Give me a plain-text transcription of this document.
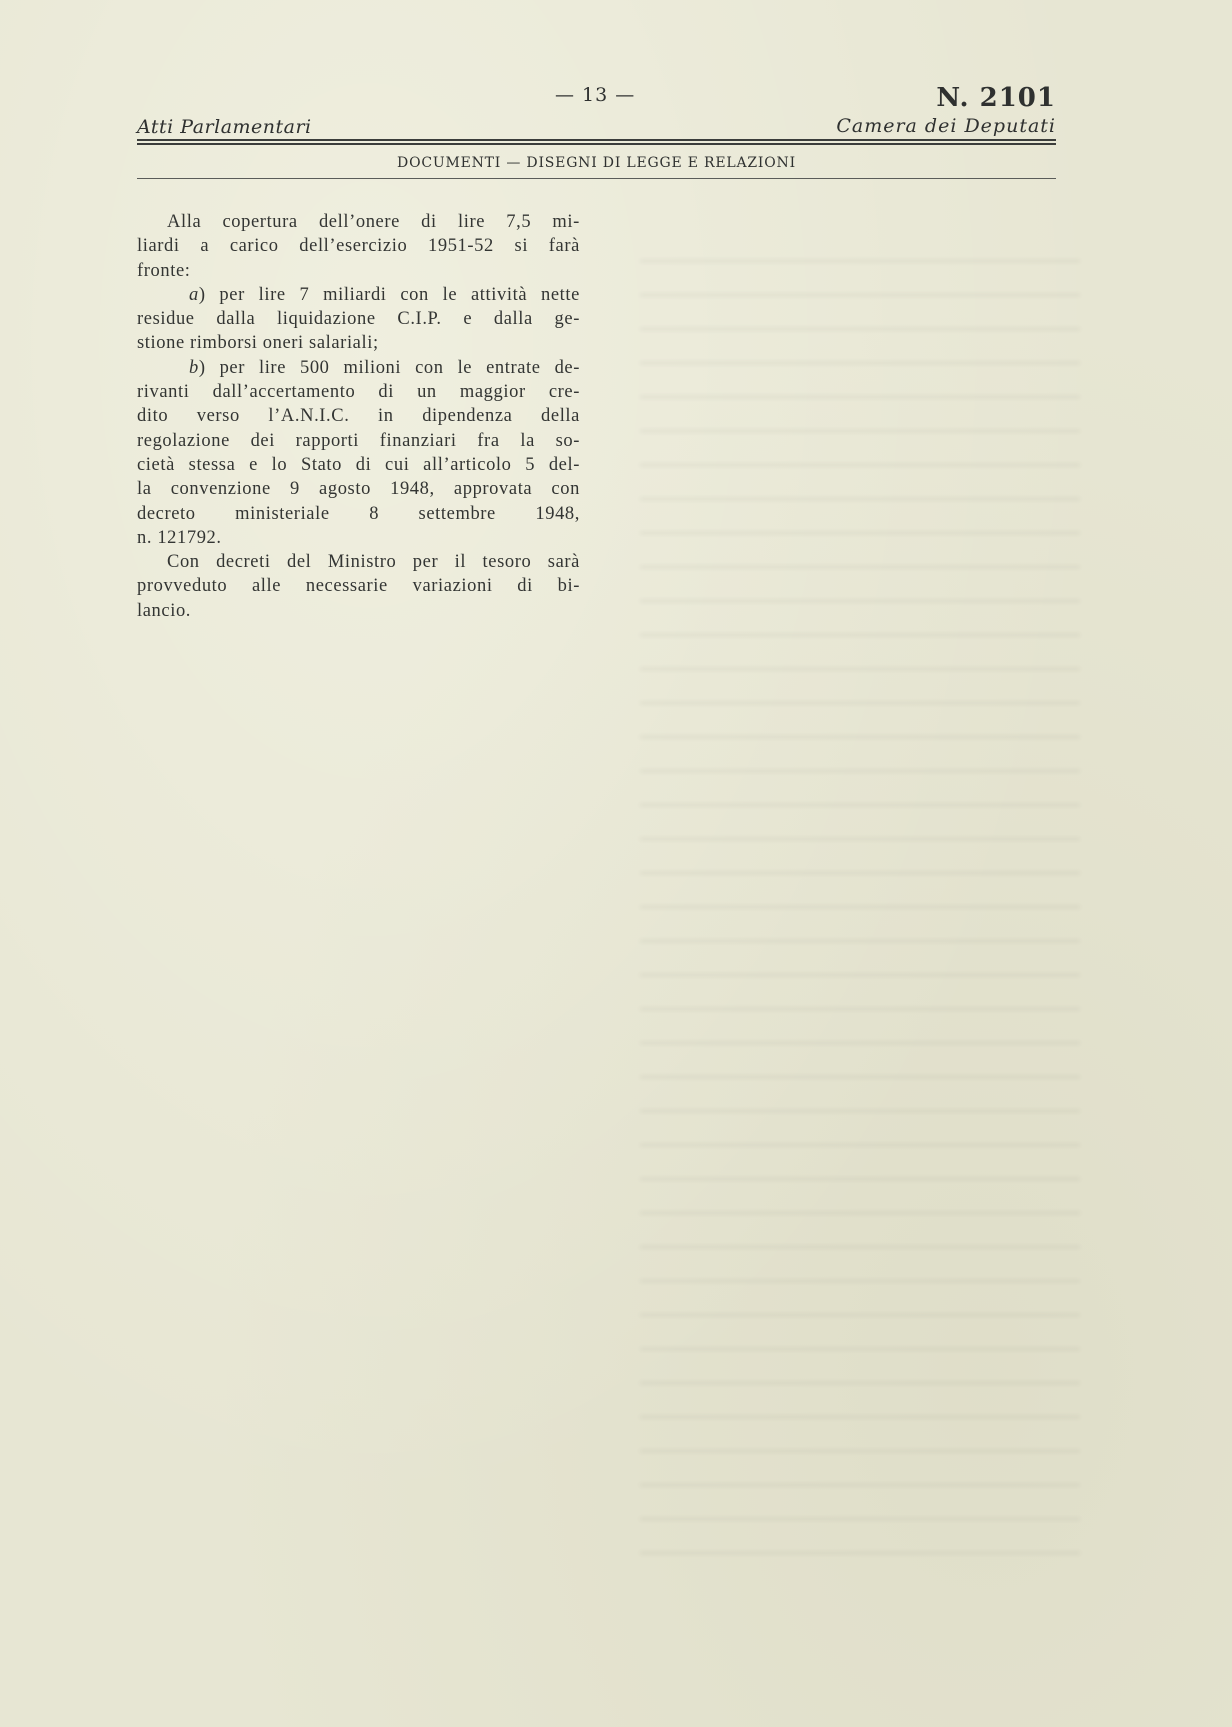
Atti Parlamentari
— 13 —	N. 2101
Camera dei Deputati
DOCUMENTI — DISEGNI DI LEGGE E RELAZIONI
Alla copertura dell’onere di lire 7,5 mi-
liardi a carico dell’esercizio 1951-52 si farà
fronte:
a) per lire 7 miliardi con le attività nette
residue dalla liquidazione C.I.P. e dalla ge-
stione rimborsi oneri salariali;
b) per lire 500 milioni con le entrate de-
rivanti dall’accertamento di un maggior cre-
dito verso l’A.N.I.C. in dipendenza della
regolazione dei rapporti finanziari fra la so-
cietà stessa e lo Stato di cui all’articolo 5 del-
la convenzione 9 agosto 1948, approvata con
decreto ministeriale 8 settembre 1948,
n. 121792.
Con decreti del Ministro per il tesoro sarà
provveduto alle necessarie variazioni di bi-
lancio.
